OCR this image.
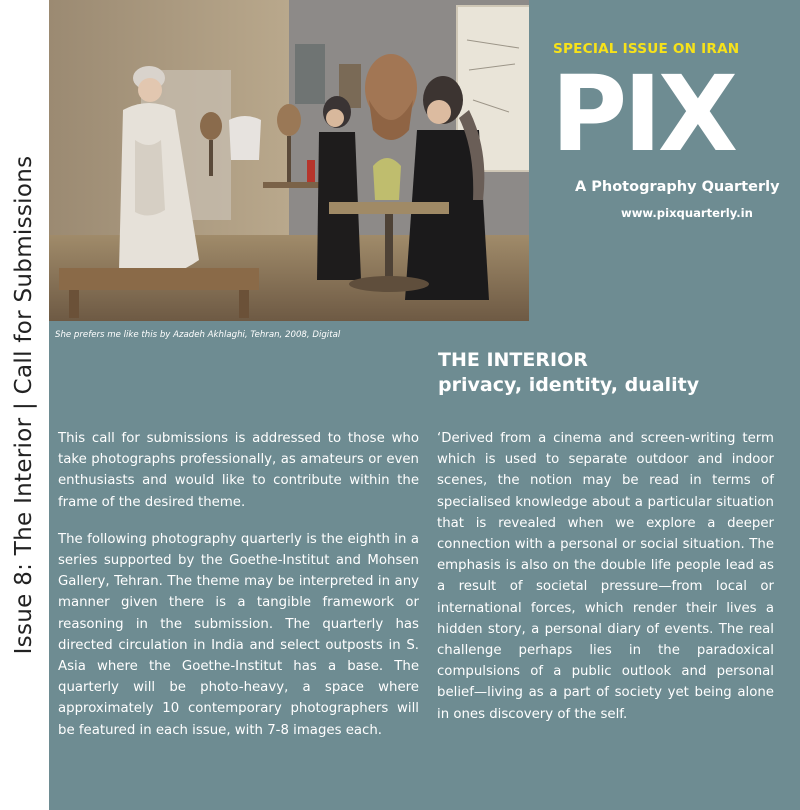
Issue 8: The Interior | Call for Submissions She prefers me like this by Azadeh Akhlaghi, Tehran, 2008, Digital
SPECIAL ISSUE ON IRAN
PIX
A Photography Quarterly
www.pixquarterly.in
THE INTERIOR
privacy, identity, duality

This call for submissions is addressed to those who take photographs professionally, as amateurs or even enthusiasts and would like to contribute within the frame of the desired theme.

The following photography quarterly is the eighth in a series supported by the Goethe-Institut and Mohsen Gallery, Tehran. The theme may be interpreted in any manner given there is a tangible framework or reasoning in the submission. The quarterly has directed circulation in India and select outposts in S. Asia where the Goethe-Institut has a base. The quarterly will be photo-heavy, a space where approximately 10 contemporary photographers will be featured in each issue, with 7-8 images each.

‘Derived from a cinema and screen-writing term which is used to separate outdoor and indoor scenes, the notion may be read in terms of specialised knowledge about a particular situation that is revealed when we explore a deeper connection with a personal or social situation. The emphasis is also on the double life people lead as a result of societal pressure—from local or international forces, which render their lives a hidden story, a personal diary of events. The real challenge perhaps lies in the paradoxical compulsions of a public outlook and personal belief—living as a part of society yet being alone in ones discovery of the self.
